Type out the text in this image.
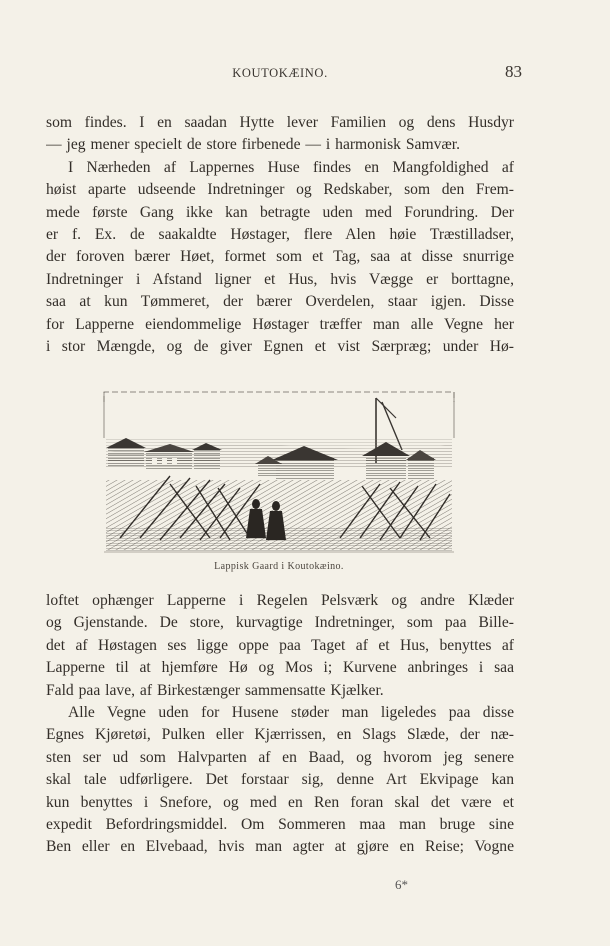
KOUTOKÆINO.	83
som findes. I en saadan Hytte lever Familien og dens Husdyr
— jeg mener specielt de store firbenede — i harmonisk Samvær.
I Nærheden af Lappernes Huse findes en Mangfoldighed af
høist aparte udseende Indretninger og Redskaber, som den Frem-
mede første Gang ikke kan betragte uden med Forundring. Der
er f. Ex. de saakaldte Høstager, flere Alen høie Træstilladser,
der foroven bærer Høet, formet som et Tag, saa at disse snurrige
Indretninger i Afstand ligner et Hus, hvis Vægge er borttagne,
saa at kun Tømmeret, der bærer Overdelen, staar igjen. Disse
for Lapperne eiendommelige Høstager træffer man alle Vegne her
i stor Mængde, og de giver Egnen et vist Særpræg; under Hø-
Lappisk Gaard i Koutokæino.
loftet ophænger Lapperne i Regelen Pelsværk og andre Klæder
og Gjenstande. De store, kurvagtige Indretninger, som paa Bille-
det af Høstagen ses ligge oppe paa Taget af et Hus, benyttes af
Lapperne til at hjemføre Hø og Mos i; Kurvene anbringes i saa
Fald paa lave, af Birkestænger sammensatte Kjælker.
Alle Vegne uden for Husene støder man ligeledes paa disse
Egnes Kjøretøi, Pulken eller Kjærrissen, en Slags Slæde, der næ-
sten ser ud som Halvparten af en Baad, og hvorom jeg senere
skal tale udførligere. Det forstaar sig, denne Art Ekvipage kan
kun benyttes i Snefore, og med en Ren foran skal det være et
expedit Befordringsmiddel. Om Sommeren maa man bruge sine
Ben eller en Elvebaad, hvis man agter at gjøre en Reise; Vogne
6*
